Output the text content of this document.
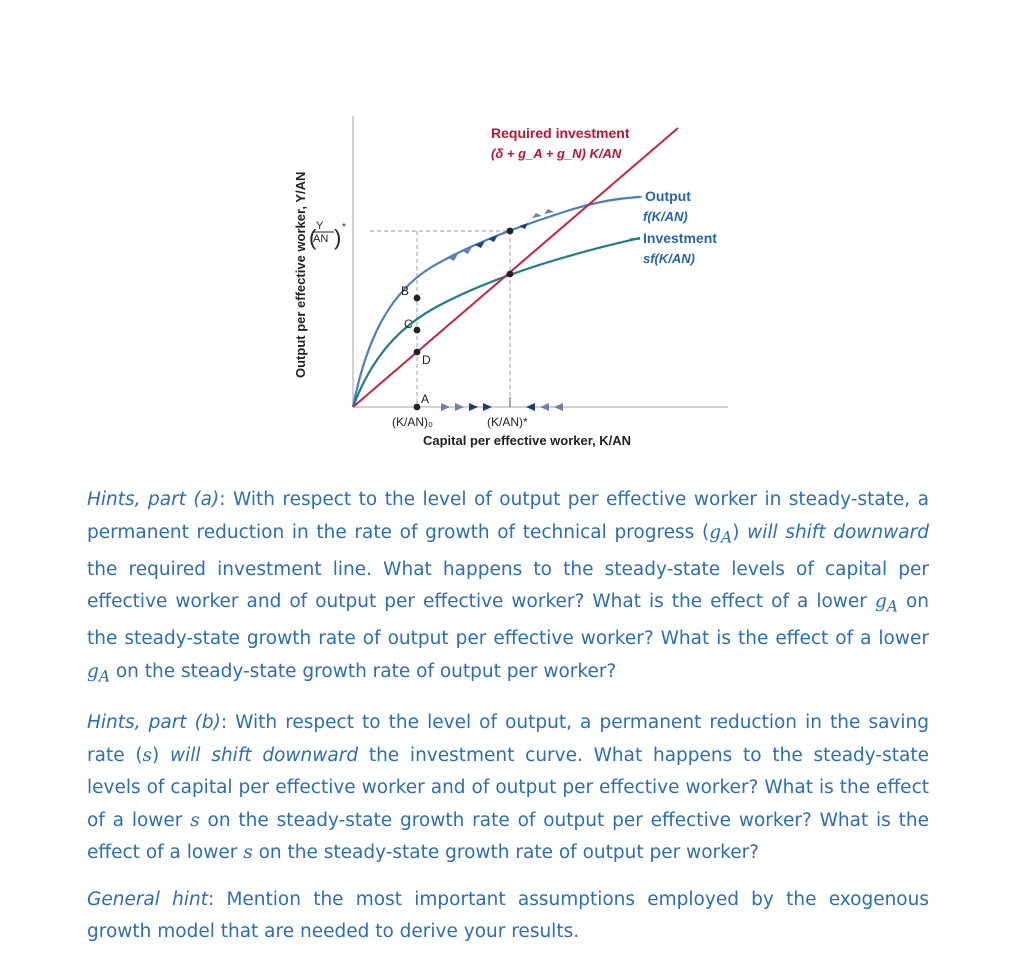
Output per effective worker, Y/AN ( Y
AN ) *
B
C
D
A
(K/AN)₀	(K/AN)*
Capital per effective worker, K/AN
Required investment
(δ + g_A + g_N) K/AN
Output
f(K/AN)
Investment
sf(K/AN)

Hints, part (a): With respect to the level of output per effective worker in steady-state, a permanent reduction in the rate of growth of technical progress $(g_A)$ will shift downward the required investment line. What happens to the steady-state levels of capital per effective worker and of output per effective worker? What is the effect of a lower $g_A$ on the steady-state growth rate of output per effective worker? What is the effect of a lower $g_A$ on the steady-state growth rate of output per worker?

Hints, part (b): With respect to the level of output, a permanent reduction in the saving rate (s) will shift downward the investment curve. What happens to the steady-state levels of capital per effective worker and of output per effective worker? What is the effect of a lower s on the steady-state growth rate of output per effective worker? What is the effect of a lower s on the steady-state growth rate of output per worker?

General hint: Mention the most important assumptions employed by the exogenous growth model that are needed to derive your results.
